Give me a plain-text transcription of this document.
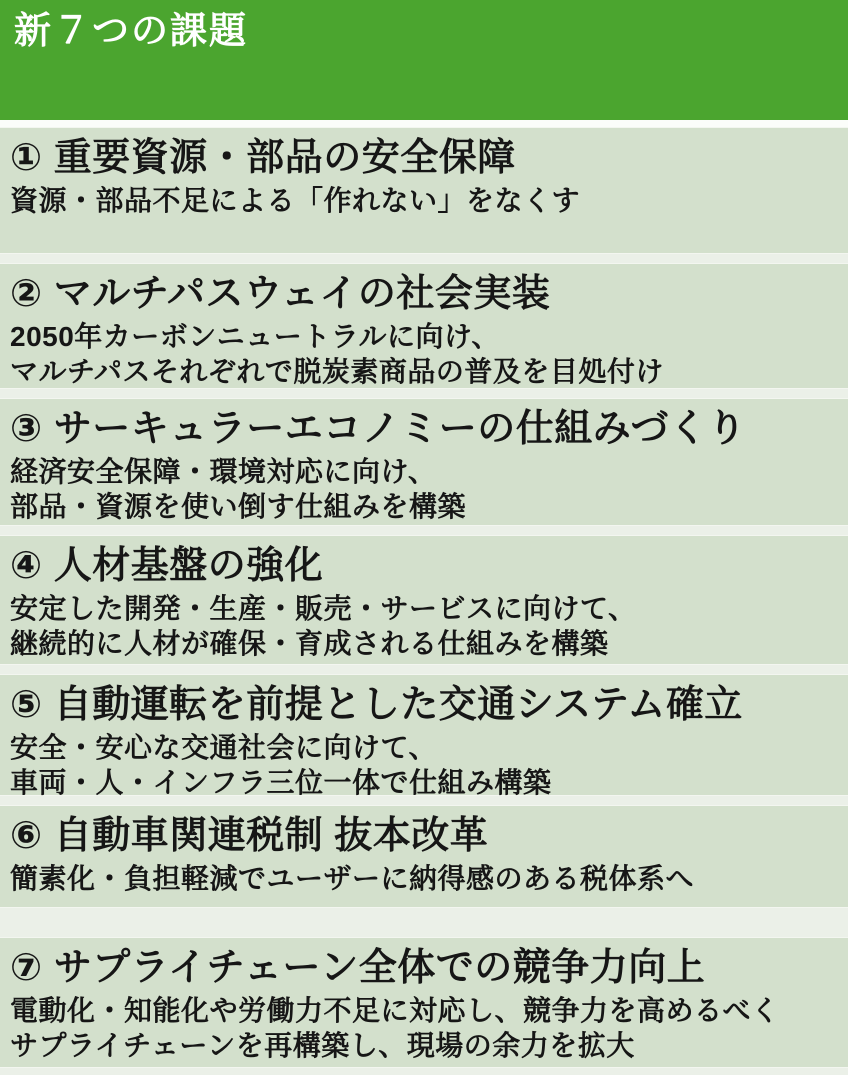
新７つの課題
① 重要資源・部品の安全保障

資源・部品不足による「作れない」をなくす

② マルチパスウェイの社会実装

2050年カーボンニュートラルに向け、

マルチパスそれぞれで脱炭素商品の普及を目処付け

③ サーキュラーエコノミーの仕組みづくり

経済安全保障・環境対応に向け、

部品・資源を使い倒す仕組みを構築

④ 人材基盤の強化

安定した開発・生産・販売・サービスに向けて、

継続的に人材が確保・育成される仕組みを構築

⑤ 自動運転を前提とした交通システム確立

安全・安心な交通社会に向けて、

車両・人・インフラ三位一体で仕組み構築

⑥ 自動車関連税制 抜本改革

簡素化・負担軽減でユーザーに納得感のある税体系へ

⑦ サプライチェーン全体での競争力向上

電動化・知能化や労働力不足に対応し、競争力を高めるべく

サプライチェーンを再構築し、現場の余力を拡大
